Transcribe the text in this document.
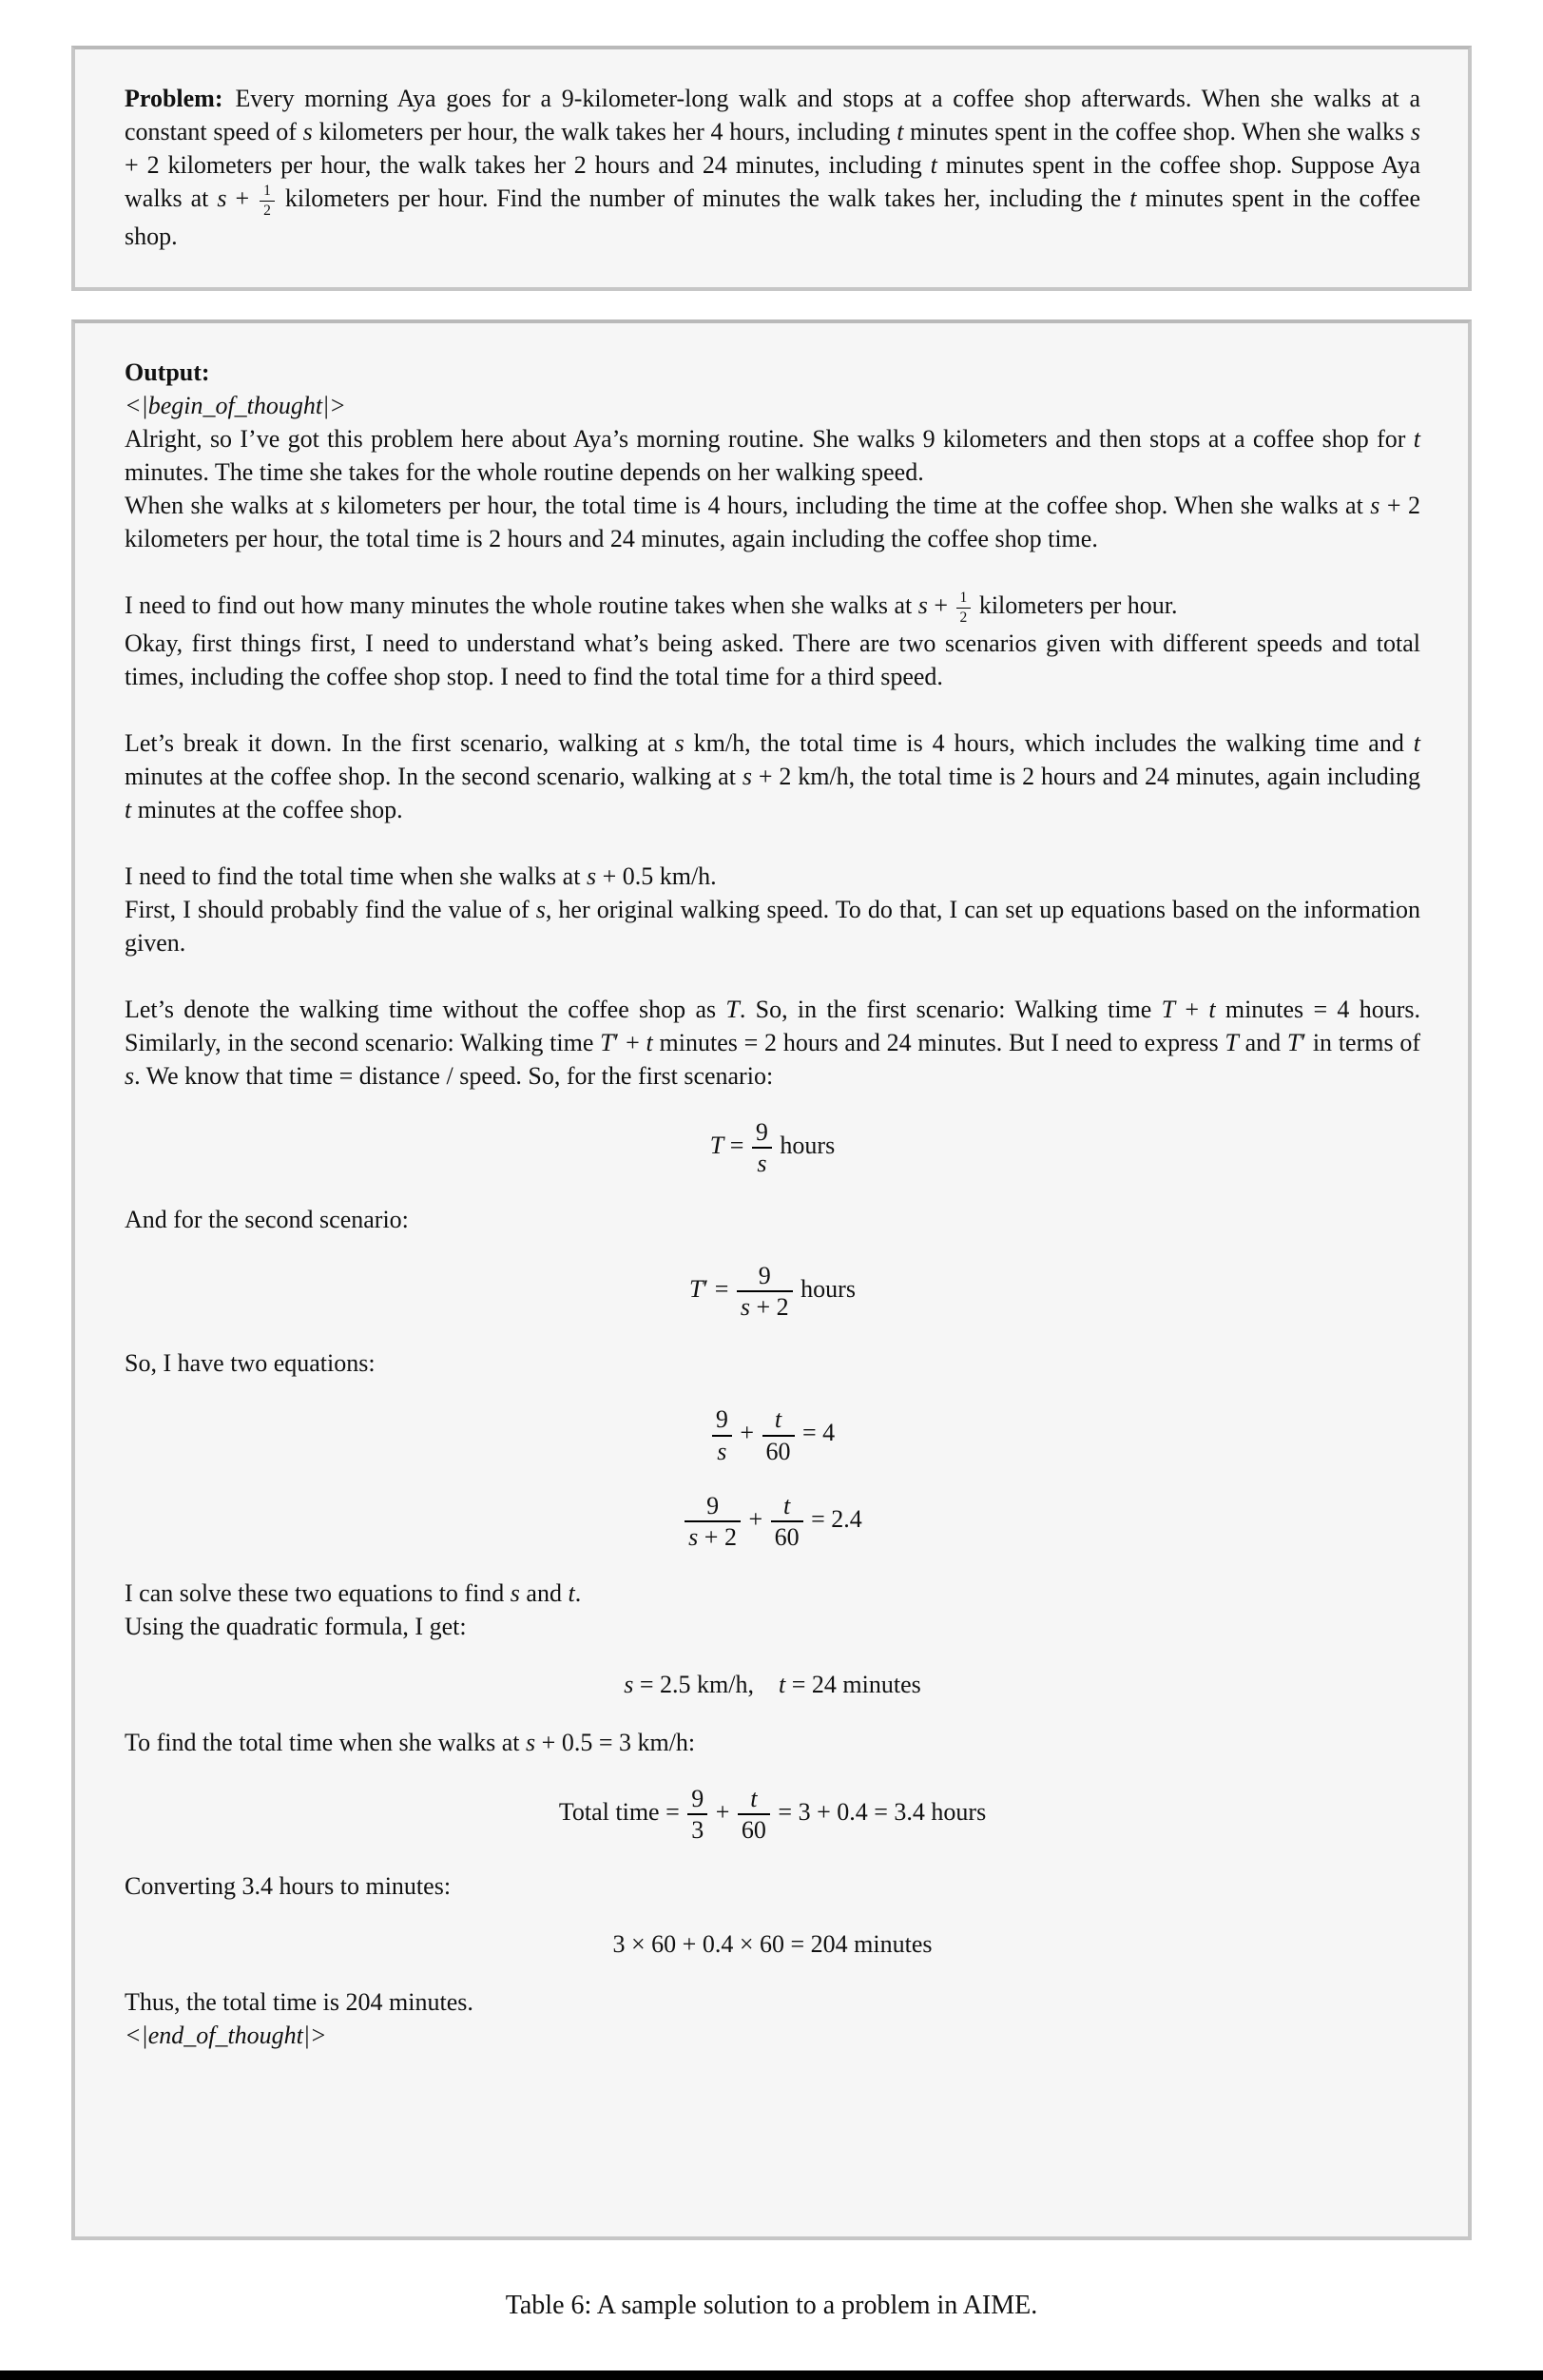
Problem: Every morning Aya goes for a 9-kilometer-long walk and stops at a coffee shop afterwards. When she walks at a constant speed of s kilometers per hour, the walk takes her 4 hours, including t minutes spent in the coffee shop. When she walks s + 2 kilometers per hour, the walk takes her 2 hours and 24 minutes, including t minutes spent in the coffee shop. Suppose Aya walks at $s + \frac{1}{2}$ kilometers per hour. Find the number of minutes the walk takes her, including the t minutes spent in the coffee shop.

Output:

<|begin_of_thought|>

Alright, so I’ve got this problem here about Aya’s morning routine. She walks 9 kilometers and then stops at a coffee shop for t minutes. The time she takes for the whole routine depends on her walking speed.

When she walks at s kilometers per hour, the total time is 4 hours, including the time at the coffee shop. When she walks at s + 2 kilometers per hour, the total time is 2 hours and 24 minutes, again including the coffee shop time.

I need to find out how many minutes the whole routine takes when she walks at $s + \frac{1}{2}$ kilometers per hour.

Okay, first things first, I need to understand what’s being asked. There are two scenarios given with different speeds and total times, including the coffee shop stop. I need to find the total time for a third speed.

Let’s break it down. In the first scenario, walking at s km/h, the total time is 4 hours, which includes the walking time and t minutes at the coffee shop. In the second scenario, walking at s + 2 km/h, the total time is 2 hours and 24 minutes, again including t minutes at the coffee shop.

I need to find the total time when she walks at s + 0.5 km/h.

First, I should probably find the value of s, her original walking speed. To do that, I can set up equations based on the information given.

Let’s denote the walking time without the coffee shop as T. So, in the first scenario: Walking time T + t minutes = 4 hours. Similarly, in the second scenario: Walking time T′ + t minutes = 2 hours and 24 minutes. But I need to express T and T′ in terms of s. We know that time = distance / speed. So, for the first scenario:

$T = \frac{9}{s}$ hours

And for the second scenario:

$T' = \frac{9}{s + 2}$ hours

So, I have two equations:

$\frac{9}{s} + \frac{t}{60} = 4$
$\frac{9}{s + 2} + \frac{t}{60} = 2.4$

I can solve these two equations to find s and t.

Using the quadratic formula, I get:

s = 2.5 km/h, t = 24 minutes

To find the total time when she walks at s + 0.5 = 3 km/h:

Total time = $\frac{9}{3} + \frac{t}{60} = 3 + 0.4 = 3.4$ hours

Converting 3.4 hours to minutes:

3 × 60 + 0.4 × 60 = 204 minutes

Thus, the total time is 204 minutes.

<|end_of_thought|>

Table 6: A sample solution to a problem in AIME.
